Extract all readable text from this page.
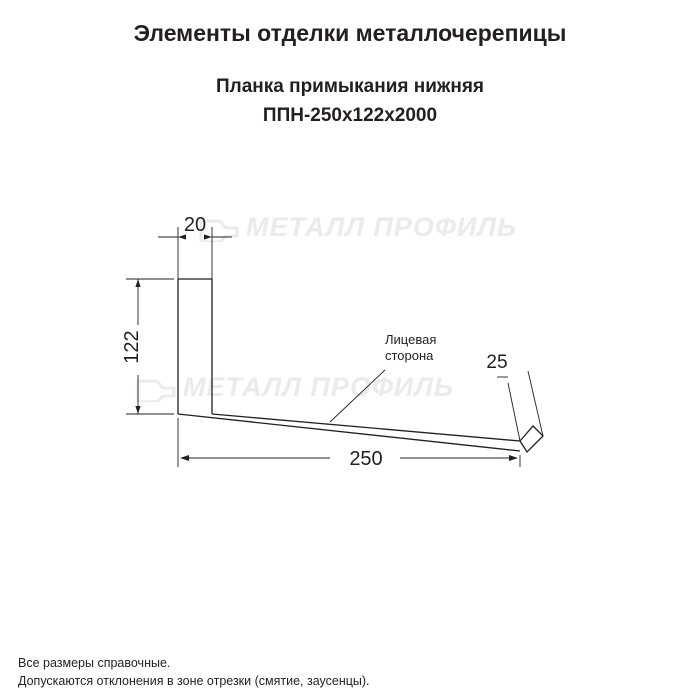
Элементы отделки металлочерепицы
Планка примыкания нижняя
ППН-250x122x2000
МЕТАЛЛ ПРОФИЛЬ
МЕТАЛЛ ПРОФИЛЬ
20
122
250
25
Лицевая
сторона
Все размеры справочные.
Допускаются отклонения в зоне отрезки (смятие, заусенцы).
